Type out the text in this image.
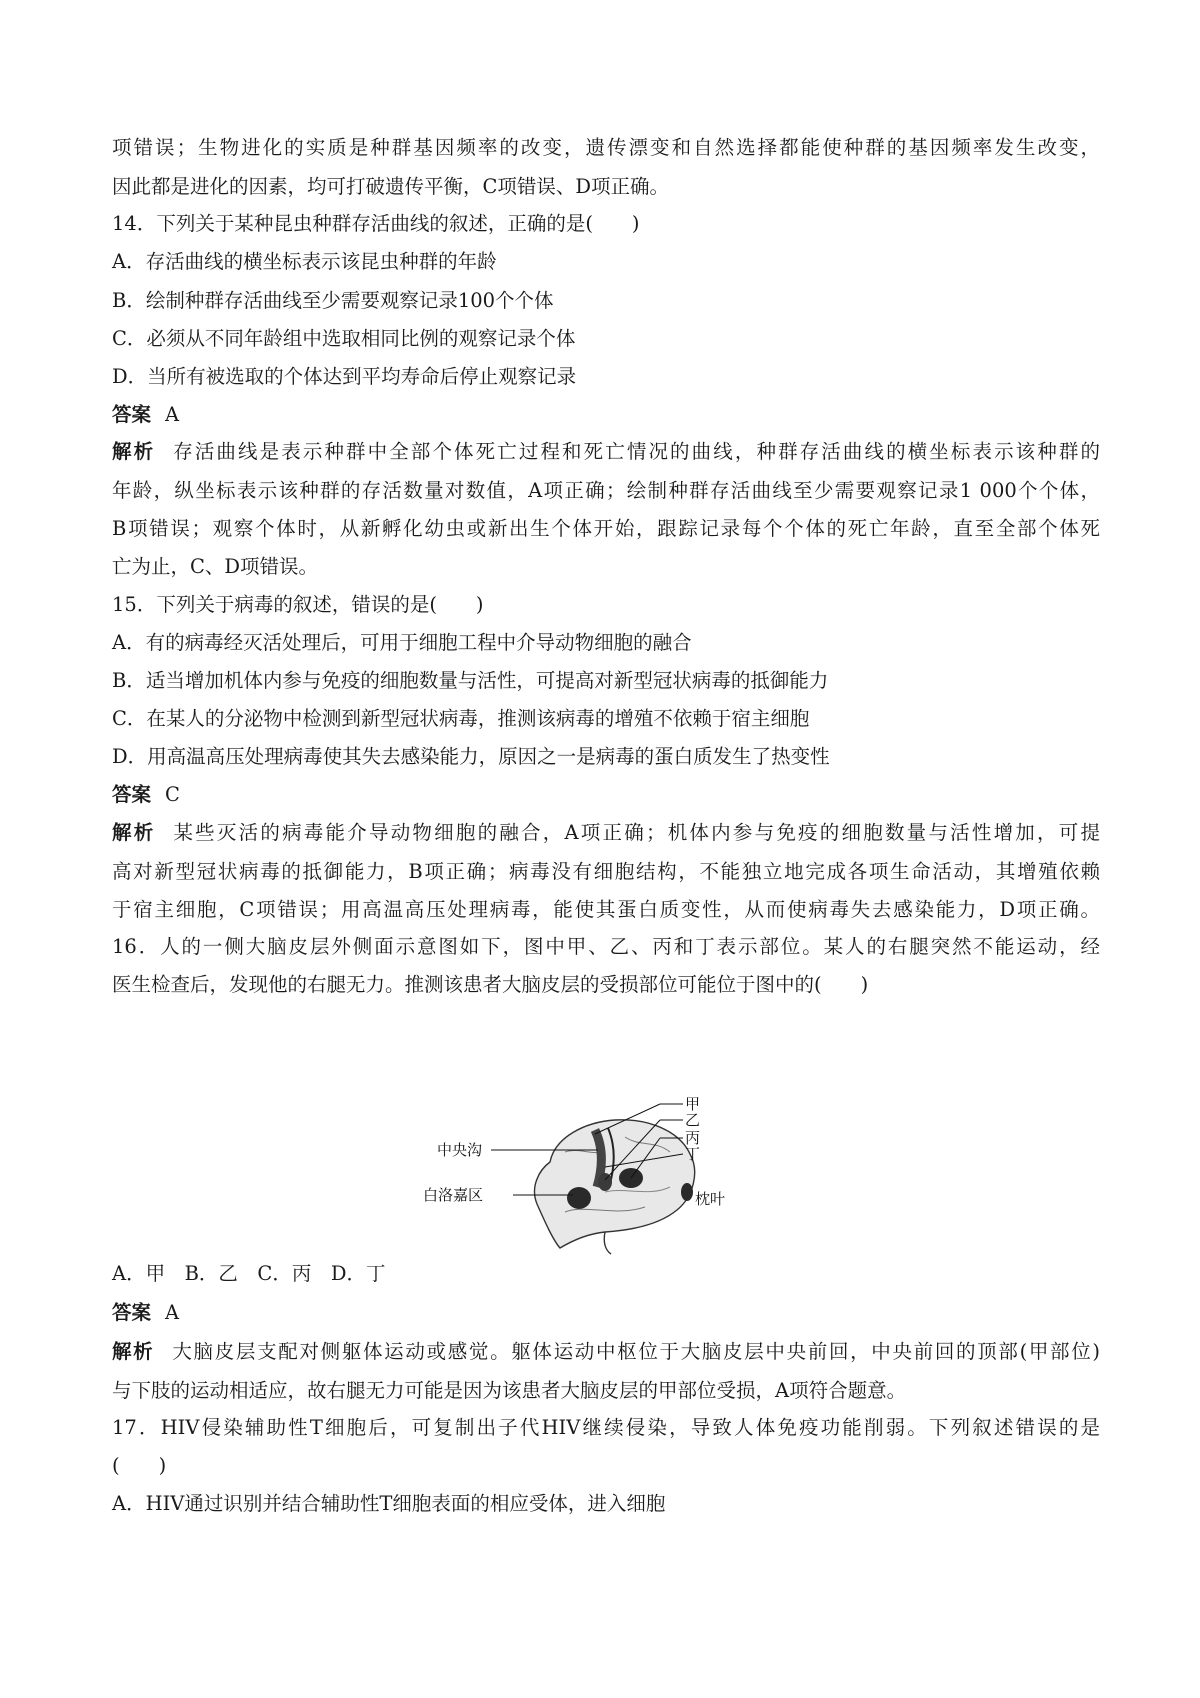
项错误；生物进化的实质是种群基因频率的改变，遗传漂变和自然选择都能使种群的基因频率发生改变，
因此都是进化的因素，均可打破遗传平衡，C项错误、D项正确。
14．下列关于某种昆虫种群存活曲线的叙述，正确的是(　　)
A．存活曲线的横坐标表示该昆虫种群的年龄
B．绘制种群存活曲线至少需要观察记录100个个体
C．必须从不同年龄组中选取相同比例的观察记录个体
D．当所有被选取的个体达到平均寿命后停止观察记录
答案 A
解析 存活曲线是表示种群中全部个体死亡过程和死亡情况的曲线，种群存活曲线的横坐标表示该种群的
年龄，纵坐标表示该种群的存活数量对数值，A项正确；绘制种群存活曲线至少需要观察记录1 000个个体，
B项错误；观察个体时，从新孵化幼虫或新出生个体开始，跟踪记录每个个体的死亡年龄，直至全部个体死
亡为止，C、D项错误。
15．下列关于病毒的叙述，错误的是(　　)
A．有的病毒经灭活处理后，可用于细胞工程中介导动物细胞的融合
B．适当增加机体内参与免疫的细胞数量与活性，可提高对新型冠状病毒的抵御能力
C．在某人的分泌物中检测到新型冠状病毒，推测该病毒的增殖不依赖于宿主细胞
D．用高温高压处理病毒使其失去感染能力，原因之一是病毒的蛋白质发生了热变性
答案 C
解析 某些灭活的病毒能介导动物细胞的融合，A项正确；机体内参与免疫的细胞数量与活性增加，可提
高对新型冠状病毒的抵御能力，B项正确；病毒没有细胞结构，不能独立地完成各项生命活动，其增殖依赖
于宿主细胞，C项错误；用高温高压处理病毒，能使其蛋白质变性，从而使病毒失去感染能力，D项正确。
16．人的一侧大脑皮层外侧面示意图如下，图中甲、乙、丙和丁表示部位。某人的右腿突然不能运动，经
医生检查后，发现他的右腿无力。推测该患者大脑皮层的受损部位可能位于图中的(　　)
甲
乙
丙
丁
中央沟
白洛嘉区	枕叶
A．甲　B．乙　C．丙　D．丁
答案 A
解析 大脑皮层支配对侧躯体运动或感觉。躯体运动中枢位于大脑皮层中央前回，中央前回的顶部(甲部位)
与下肢的运动相适应，故右腿无力可能是因为该患者大脑皮层的甲部位受损，A项符合题意。
17．HIV侵染辅助性T细胞后，可复制出子代HIV继续侵染，导致人体免疫功能削弱。下列叙述错误的是
(　　)
A．HIV通过识别并结合辅助性T细胞表面的相应受体，进入细胞
